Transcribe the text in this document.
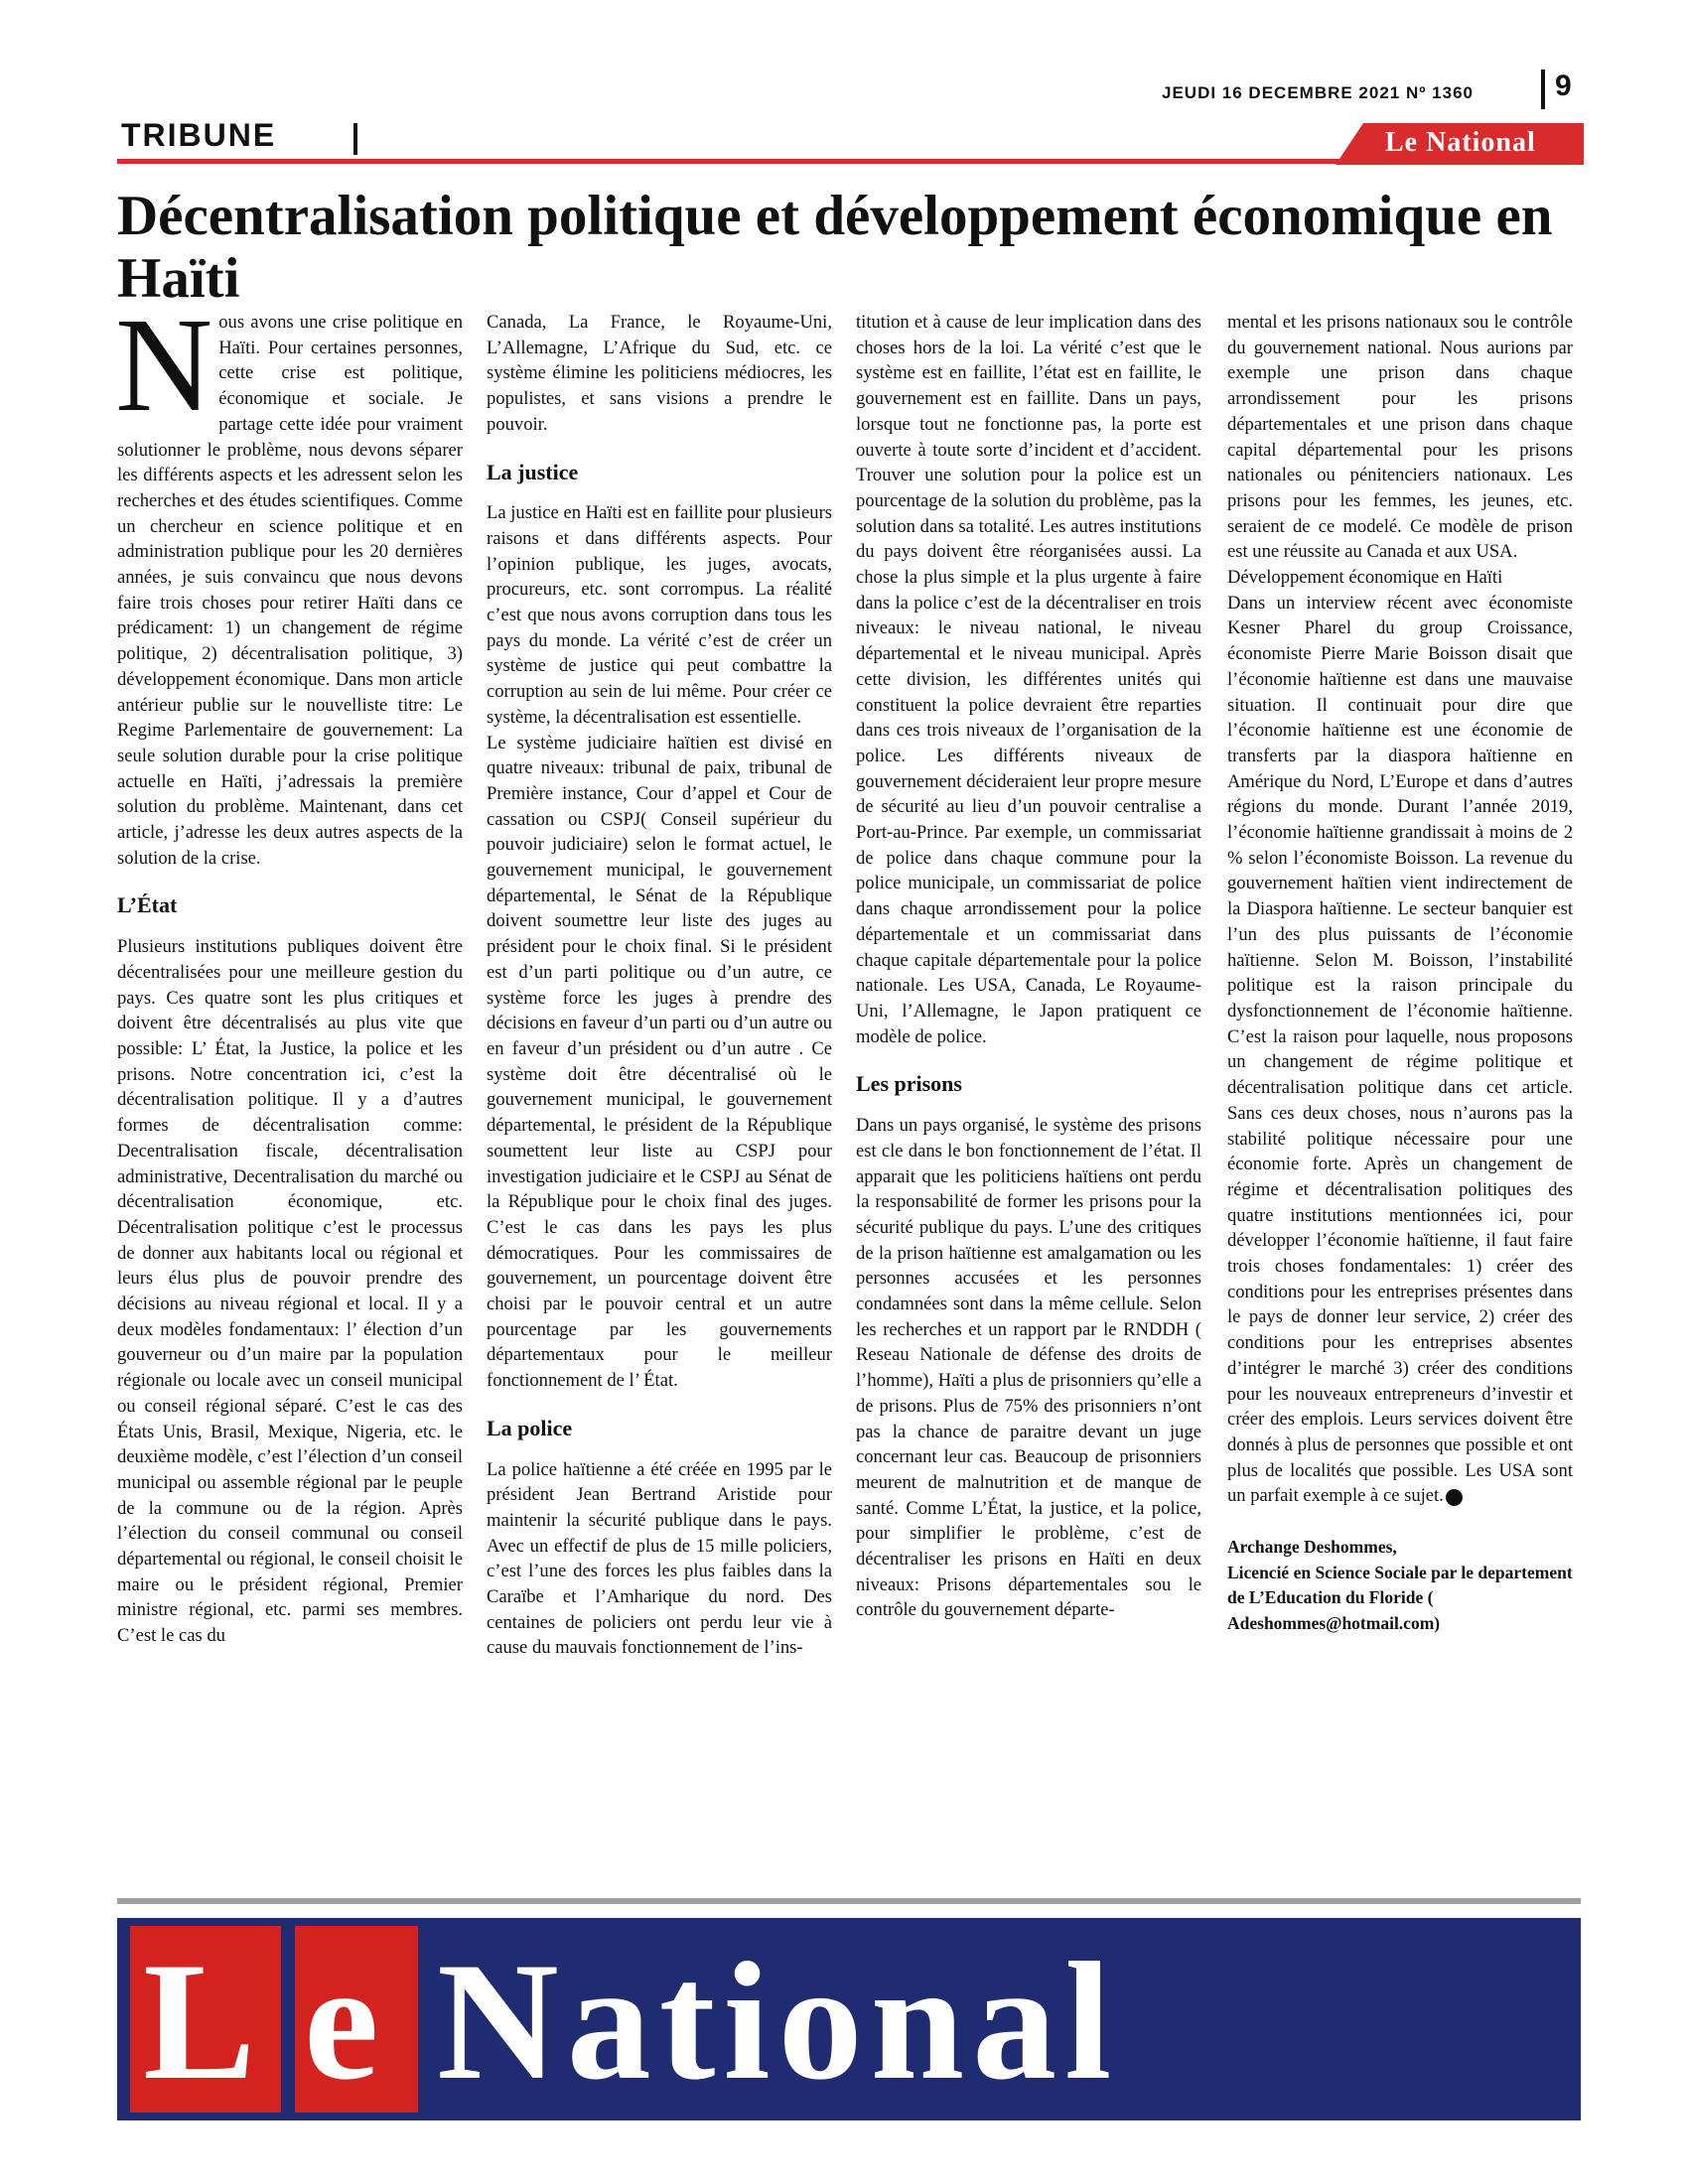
JEUDI 16 DECEMBRE 2021 Nº 1360	9
TRIBUNE	Le National
Décentralisation politique et développement économique en Haïti

Nous avons une crise politique en Haïti. Pour certaines personnes, cette crise est politique, économique et sociale. Je partage cette idée pour vraiment solutionner le problème, nous devons séparer les différents aspects et les adressent selon les recherches et des études scientifiques. Comme un chercheur en science politique et en administration publique pour les 20 dernières années, je suis convaincu que nous devons faire trois choses pour retirer Haïti dans ce prédicament: 1) un changement de régime politique, 2) décentralisation politique, 3) développement économique. Dans mon article antérieur publie sur le nouvelliste titre: Le Regime Parlementaire de gouvernement: La seule solution durable pour la crise politique actuelle en Haïti, j’adressais la première solution du problème. Maintenant, dans cet article, j’adresse les deux autres aspects de la solution de la crise.

L’État

Plusieurs institutions publiques doivent être décentralisées pour une meilleure gestion du pays. Ces quatre sont les plus critiques et doivent être décentralisés au plus vite que possible: L’ État, la Justice, la police et les prisons. Notre concentration ici, c’est la décentralisation politique. Il y a d’autres formes de décentralisation comme: Decentralisation fiscale, décentralisation administrative, Decentralisation du marché ou décentralisation économique, etc. Décentralisation politique c’est le processus de donner aux habitants local ou régional et leurs élus plus de pouvoir prendre des décisions au niveau régional et local. Il y a deux modèles fondamentaux: l’ élection d’un gouverneur ou d’un maire par la population régionale ou locale avec un conseil municipal ou conseil régional séparé. C’est le cas des États Unis, Brasil, Mexique, Nigeria, etc. le deuxième modèle, c’est l’élection d’un conseil municipal ou assemble régional par le peuple de la commune ou de la région. Après l’élection du conseil communal ou conseil départemental ou régional, le conseil choisit le maire ou le président régional, Premier ministre régional, etc. parmi ses membres. C’est le cas du

Canada, La France, le Royaume-Uni, L’Allemagne, L’Afrique du Sud, etc. ce système élimine les politiciens médiocres, les populistes, et sans visions a prendre le pouvoir.

La justice

La justice en Haïti est en faillite pour plusieurs raisons et dans différents aspects. Pour l’opinion publique, les juges, avocats, procureurs, etc. sont corrompus. La réalité c’est que nous avons corruption dans tous les pays du monde. La vérité c’est de créer un système de justice qui peut combattre la corruption au sein de lui même. Pour créer ce système, la décentralisation est essentielle.

Le système judiciaire haïtien est divisé en quatre niveaux: tribunal de paix, tribunal de Première instance, Cour d’appel et Cour de cassation ou CSPJ( Conseil supérieur du pouvoir judiciaire) selon le format actuel, le gouvernement municipal, le gouvernement départemental, le Sénat de la République doivent soumettre leur liste des juges au président pour le choix final. Si le président est d’un parti politique ou d’un autre, ce système force les juges à prendre des décisions en faveur d’un parti ou d’un autre ou en faveur d’un président ou d’un autre . Ce système doit être décentralisé où le gouvernement municipal, le gouvernement départemental, le président de la République soumettent leur liste au CSPJ pour investigation judiciaire et le CSPJ au Sénat de la République pour le choix final des juges. C’est le cas dans les pays les plus démocratiques. Pour les commissaires de gouvernement, un pourcentage doivent être choisi par le pouvoir central et un autre pourcentage par les gouvernements départementaux pour le meilleur fonctionnement de l’ État.

La police

La police haïtienne a été créée en 1995 par le président Jean Bertrand Aristide pour maintenir la sécurité publique dans le pays. Avec un effectif de plus de 15 mille policiers, c’est l’une des forces les plus faibles dans la Caraïbe et l’Amharique du nord. Des centaines de policiers ont perdu leur vie à cause du mauvais fonctionnement de l’ins-

titution et à cause de leur implication dans des choses hors de la loi. La vérité c’est que le système est en faillite, l’état est en faillite, le gouvernement est en faillite. Dans un pays, lorsque tout ne fonctionne pas, la porte est ouverte à toute sorte d’incident et d’accident. Trouver une solution pour la police est un pourcentage de la solution du problème, pas la solution dans sa totalité. Les autres institutions du pays doivent être réorganisées aussi. La chose la plus simple et la plus urgente à faire dans la police c’est de la décentraliser en trois niveaux: le niveau national, le niveau départemental et le niveau municipal. Après cette division, les différentes unités qui constituent la police devraient être reparties dans ces trois niveaux de l’organisation de la police. Les différents niveaux de gouvernement décideraient leur propre mesure de sécurité au lieu d’un pouvoir centralise a Port-au-Prince. Par exemple, un commissariat de police dans chaque commune pour la police municipale, un commissariat de police dans chaque arrondissement pour la police départementale et un commissariat dans chaque capitale départementale pour la police nationale. Les USA, Canada, Le Royaume-Uni, l’Allemagne, le Japon pratiquent ce modèle de police.

Les prisons

Dans un pays organisé, le système des prisons est cle dans le bon fonctionnement de l’état. Il apparait que les politiciens haïtiens ont perdu la responsabilité de former les prisons pour la sécurité publique du pays. L’une des critiques de la prison haïtienne est amalgamation ou les personnes accusées et les personnes condamnées sont dans la même cellule. Selon les recherches et un rapport par le RNDDH ( Reseau Nationale de défense des droits de l’homme), Haïti a plus de prisonniers qu’elle a de prisons. Plus de 75% des prisonniers n’ont pas la chance de paraitre devant un juge concernant leur cas. Beaucoup de prisonniers meurent de malnutrition et de manque de santé. Comme L’État, la justice, et la police, pour simplifier le problème, c’est de décentraliser les prisons en Haïti en deux niveaux: Prisons départementales sou le contrôle du gouvernement départe-

mental et les prisons nationaux sou le contrôle du gouvernement national. Nous aurions par exemple une prison dans chaque arrondissement pour les prisons départementales et une prison dans chaque capital départemental pour les prisons nationales ou pénitenciers nationaux. Les prisons pour les femmes, les jeunes, etc. seraient de ce modelé. Ce modèle de prison est une réussite au Canada et aux USA.

Développement économique en Haïti

Dans un interview récent avec économiste Kesner Pharel du group Croissance, économiste Pierre Marie Boisson disait que l’économie haïtienne est dans une mauvaise situation. Il continuait pour dire que l’économie haïtienne est une économie de transferts par la diaspora haïtienne en Amérique du Nord, L’Europe et dans d’autres régions du monde. Durant l’année 2019, l’économie haïtienne grandissait à moins de 2 % selon l’économiste Boisson. La revenue du gouvernement haïtien vient indirectement de la Diaspora haïtienne. Le secteur banquier est l’un des plus puissants de l’économie haïtienne. Selon M. Boisson, l’instabilité politique est la raison principale du dysfonctionnement de l’économie haïtienne. C’est la raison pour laquelle, nous proposons un changement de régime politique et décentralisation politique dans cet article. Sans ces deux choses, nous n’aurons pas la stabilité politique nécessaire pour une économie forte. Après un changement de régime et décentralisation politiques des quatre institutions mentionnées ici, pour développer l’économie haïtienne, il faut faire trois choses fondamentales: 1) créer des conditions pour les entreprises présentes dans le pays de donner leur service, 2) créer des conditions pour les entreprises absentes d’intégrer le marché 3) créer des conditions pour les nouveaux entrepreneurs d’investir et créer des emplois. Leurs services doivent être donnés à plus de personnes que possible et ont plus de localités que possible. Les USA sont un parfait exemple à ce sujet.

Archange Deshommes,
Licencié en Science Sociale par le departement de L’Education du Floride ( Adeshommes@hotmail.com)
L e National
